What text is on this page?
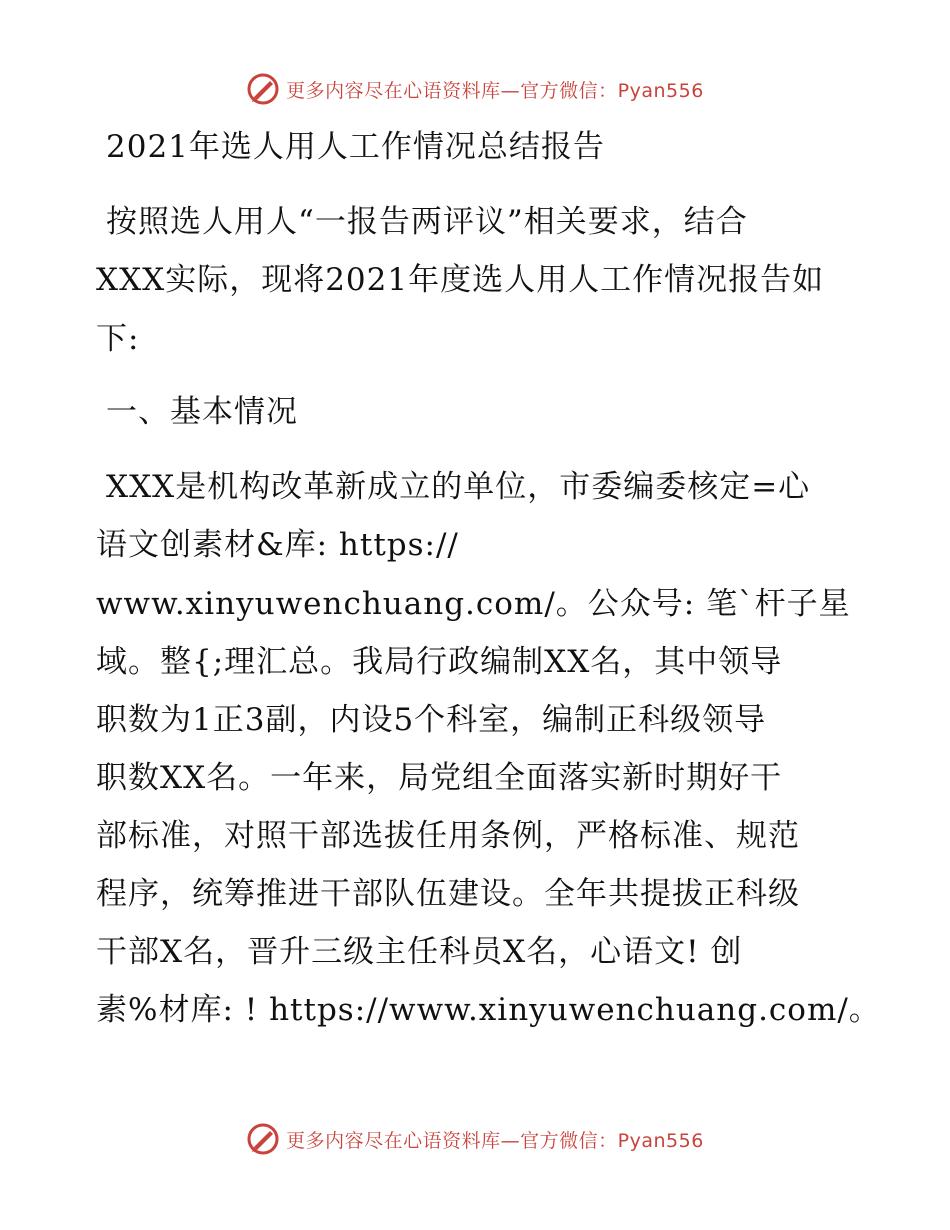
更多内容尽在心语资料库—官方微信：Pyan556
2021年选人用人工作情况总结报告
按照选人用人“一报告两评议”相关要求，结合
XXX实际，现将2021年度选人用人工作情况报告如
下:
一、基本情况
XXX是机构改革新成立的单位，市委编委核定=心
语文创素材&库: https://
www.xinyuwenchuang.com/。公众号: 笔`杆子星
域。整{;理汇总。我局行政编制XX名，其中领导
职数为1正3副，内设5个科室，编制正科级领导
职数XX名。一年来，局党组全面落实新时期好干
部标准，对照干部选拔任用条例，严格标准、规范
程序，统筹推进干部队伍建设。全年共提拔正科级
干部X名，晋升三级主任科员X名，心语文! 创
素%材库: ! https://www.xinyuwenchuang.com/。
更多内容尽在心语资料库—官方微信：Pyan556
